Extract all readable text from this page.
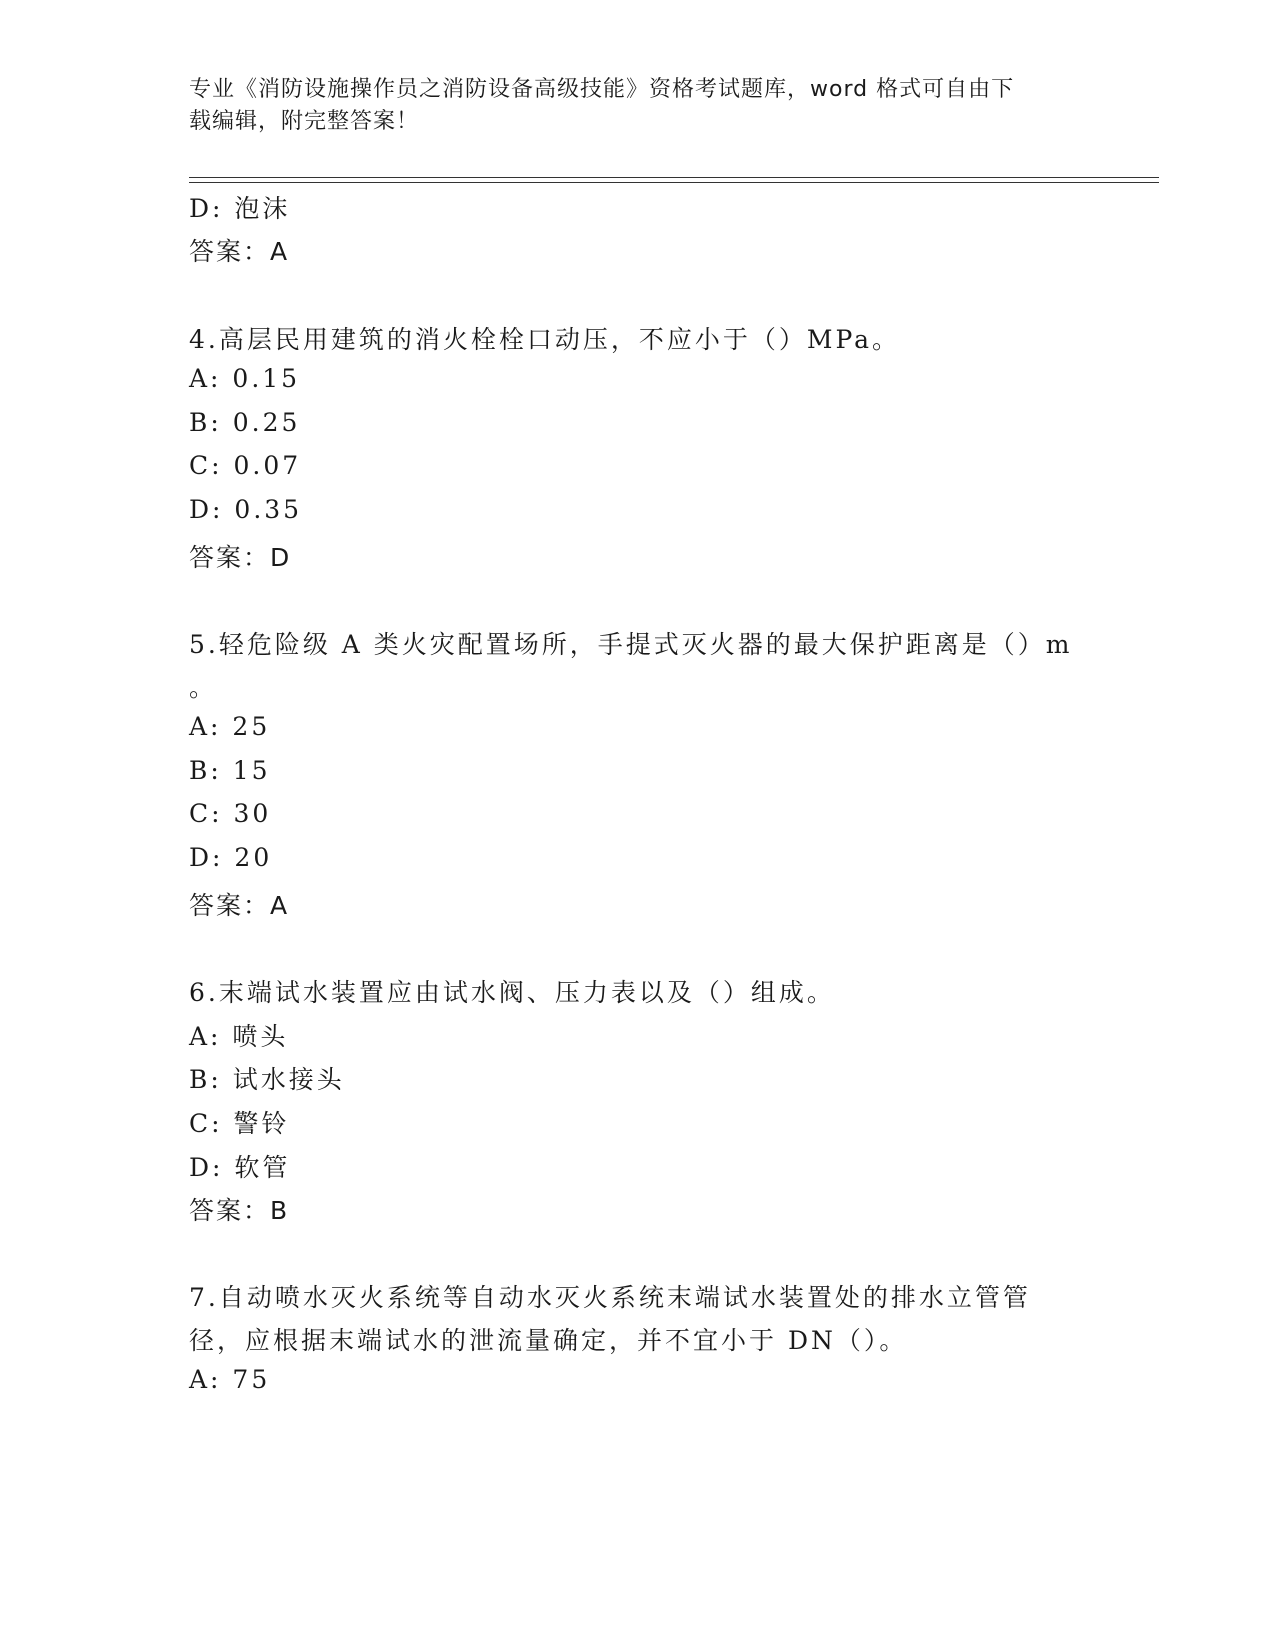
专业《消防设施操作员之消防设备高级技能》资格考试题库，word 格式可自由下
载编辑，附完整答案！
D: 泡沫
答案：A
4.高层民用建筑的消火栓栓口动压，不应小于（）MPa。
A: 0.15
B: 0.25
C: 0.07
D: 0.35
答案：D
5.轻危险级 A 类火灾配置场所，手提式灭火器的最大保护距离是（）m
。
A: 25
B: 15
C: 30
D: 20
答案：A
6.末端试水装置应由试水阀、压力表以及（）组成。
A: 喷头
B: 试水接头
C: 警铃
D: 软管
答案：B
7.自动喷水灭火系统等自动水灭火系统末端试水装置处的排水立管管
径，应根据末端试水的泄流量确定，并不宜小于 DN（）。
A: 75
